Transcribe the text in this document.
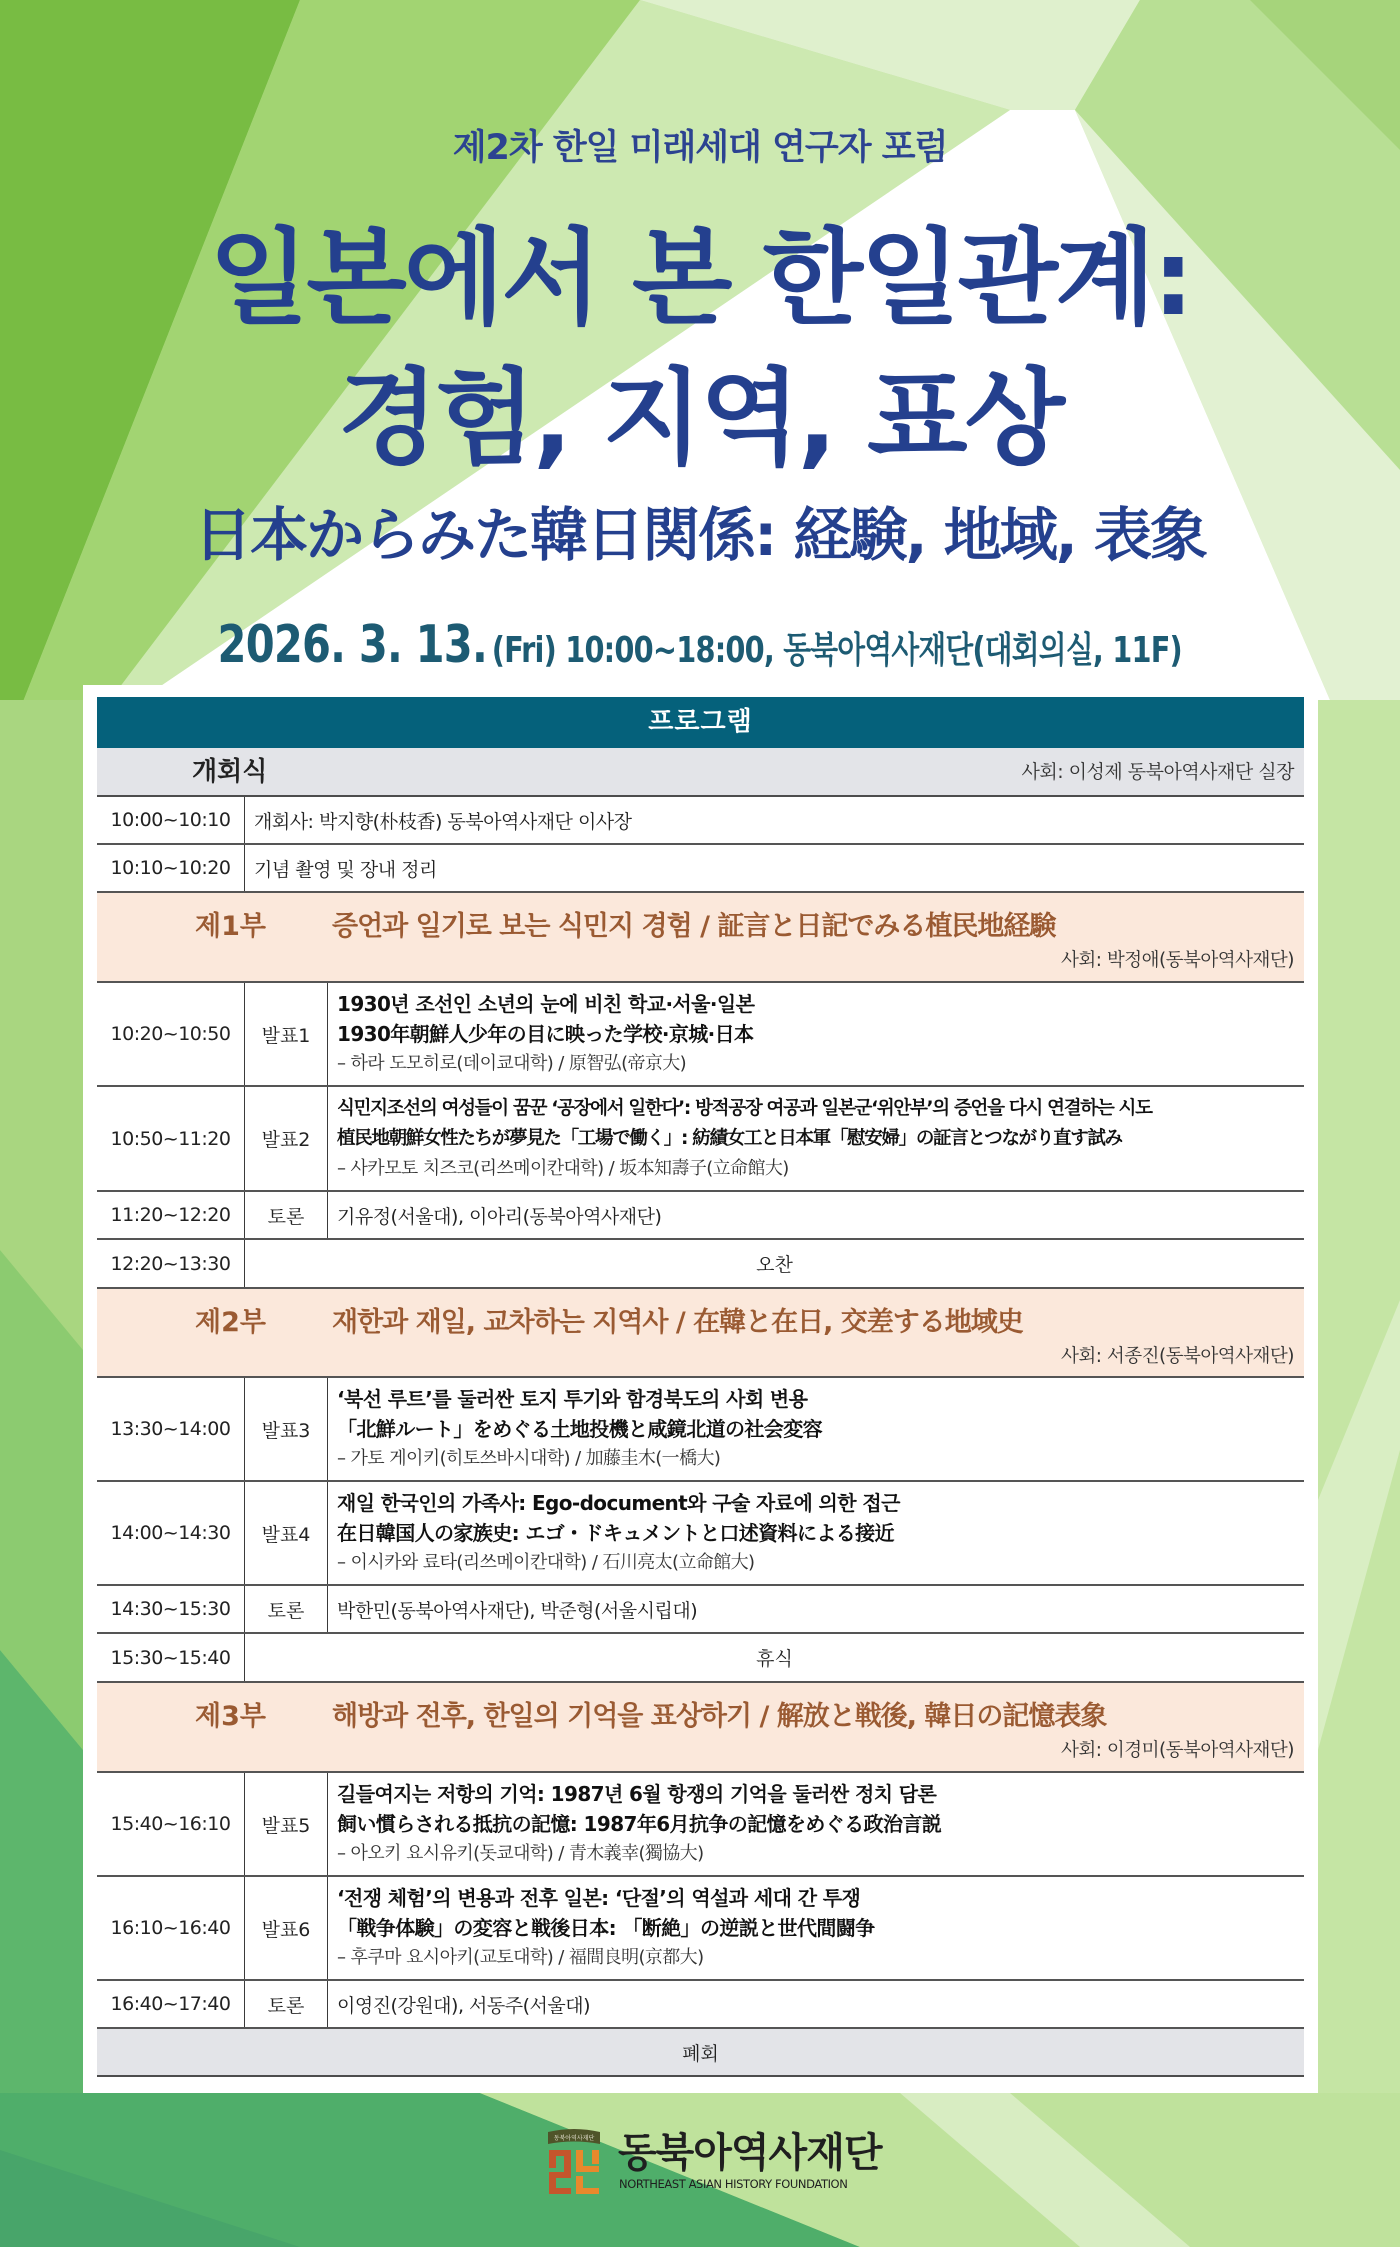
제2차 한일 미래세대 연구자 포럼
일본에서 본 한일관계:
경험, 지역, 표상
日本からみた韓日関係: 経験, 地域, 表象
2026. 3. 13. (Fri) 10:00~18:00, 동북아역사재단(대회의실, 11F)
프로그램
개회식	사회: 이성제 동북아역사재단 실장
10:00~10:10	개회사: 박지향(朴枝香) 동북아역사재단 이사장
10:10~10:20	기념 촬영 및 장내 정리
제1부 증언과 일기로 보는 식민지 경험 / 証言と日記でみる植民地経験
사회: 박정애(동북아역사재단)
10:20~10:50	발표1
1930년 조선인 소년의 눈에 비친 학교·서울·일본
1930年朝鮮人少年の目に映った学校·京城·日本
– 하라 도모히로(데이쿄대학) / 原智弘(帝京大)
10:50~11:20	발표2
식민지조선의 여성들이 꿈꾼 ‘공장에서 일한다’: 방적공장 여공과 일본군‘위안부’의 증언을 다시 연결하는 시도
植民地朝鮮女性たちが夢見た「工場で働く」: 紡績女工と日本軍「慰安婦」の証言とつながり直す試み
– 사카모토 치즈코(리쓰메이칸대학) / 坂本知壽子(立命館大)
11:20~12:20	토론	기유정(서울대), 이아리(동북아역사재단)
12:20~13:30	오찬
제2부 재한과 재일, 교차하는 지역사 / 在韓と在日, 交差する地域史
사회: 서종진(동북아역사재단)
13:30~14:00	발표3
‘북선 루트’를 둘러싼 토지 투기와 함경북도의 사회 변용
「北鮮ルート」をめぐる土地投機と咸鏡北道の社会変容
– 가토 게이키(히토쓰바시대학) / 加藤圭木(一橋大)
14:00~14:30	발표4
재일 한국인의 가족사: Ego-document와 구술 자료에 의한 접근
在日韓国人の家族史: エゴ・ドキュメントと口述資料による接近
– 이시카와 료타(리쓰메이칸대학) / 石川亮太(立命館大)
14:30~15:30	토론	박한민(동북아역사재단), 박준형(서울시립대)
15:30~15:40	휴식
제3부 해방과 전후, 한일의 기억을 표상하기 / 解放と戦後, 韓日の記憶表象
사회: 이경미(동북아역사재단)
15:40~16:10	발표5
길들여지는 저항의 기억: 1987년 6월 항쟁의 기억을 둘러싼 정치 담론
飼い慣らされる抵抗の記憶: 1987年6月抗争の記憶をめぐる政治言説
– 아오키 요시유키(돗쿄대학) / 青木義幸(獨協大)
16:10~16:40	발표6
‘전쟁 체험’의 변용과 전후 일본: ‘단절’의 역설과 세대 간 투쟁
「戦争体験」の変容と戦後日本: 「断絶」の逆説と世代間闘争
– 후쿠마 요시아키(교토대학) / 福間良明(京都大)
16:40~17:40	토론	이영진(강원대), 서동주(서울대)
폐회
동북아역사재단 동북아역사재단
NORTHEAST ASIAN HISTORY FOUNDATION
